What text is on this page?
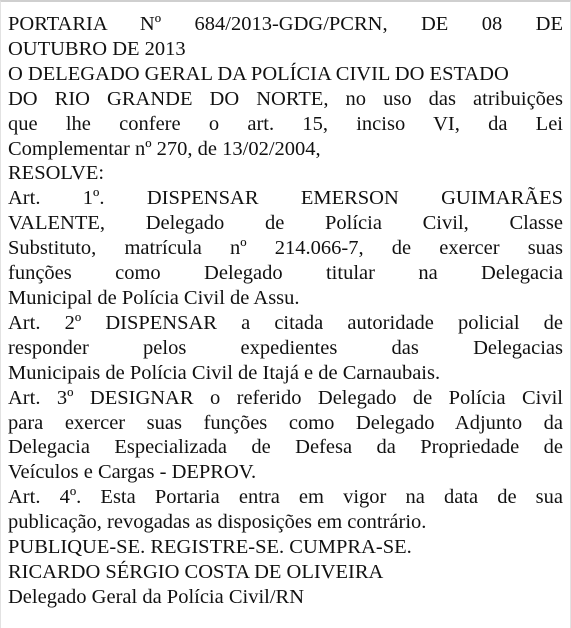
PORTARIA Nº 684/2013-GDG/PCRN, DE 08 DE
OUTUBRO DE 2013
O DELEGADO GERAL DA POLÍCIA CIVIL DO ESTADO
DO RIO GRANDE DO NORTE, no uso das atribuições
que lhe confere o art. 15, inciso VI, da Lei
Complementar nº 270, de 13/02/2004,
RESOLVE:
Art. 1º. DISPENSAR EMERSON GUIMARÃES
VALENTE, Delegado de Polícia Civil, Classe
Substituto, matrícula nº 214.066-7, de exercer suas
funções como Delegado titular na Delegacia
Municipal de Polícia Civil de Assu.
Art. 2º DISPENSAR a citada autoridade policial de
responder pelos expedientes das Delegacias
Municipais de Polícia Civil de Itajá e de Carnaubais.
Art. 3º DESIGNAR o referido Delegado de Polícia Civil
para exercer suas funções como Delegado Adjunto da
Delegacia Especializada de Defesa da Propriedade de
Veículos e Cargas - DEPROV.
Art. 4º. Esta Portaria entra em vigor na data de sua
publicação, revogadas as disposições em contrário.
PUBLIQUE-SE. REGISTRE-SE. CUMPRA-SE.
RICARDO SÉRGIO COSTA DE OLIVEIRA
Delegado Geral da Polícia Civil/RN
